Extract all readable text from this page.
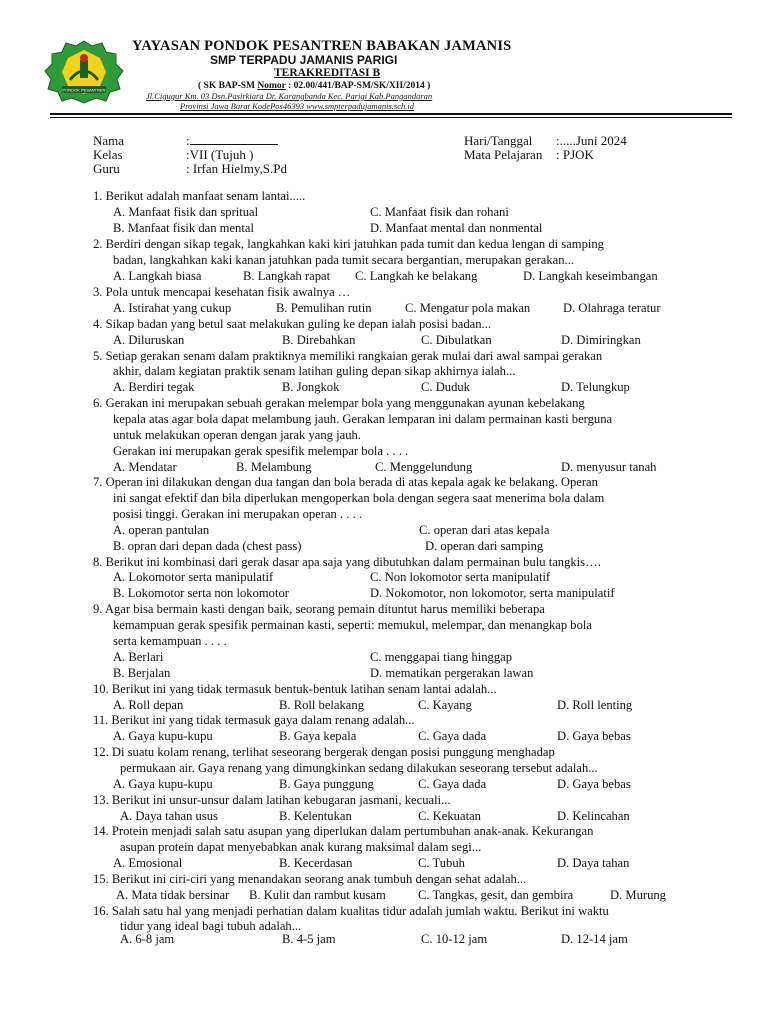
PONDOK PESANTREN
YAYASAN PONDOK PESANTREN BABAKAN JAMANIS
SMP TERPADU JAMANIS PARIGI
TERAKREDITASI B
( SK BAP-SM Nomor : 02.00/441/BAP-SM/SK/XII/2014 )
Jl.Cigugur Km. 03 Dsn.Pasirkiara Dr. Karangbanda Kec. Parigi Kab.Pangandaran
Provinsi Jawa Barat KodePos46393 www.smpterpadujamanis.sch.id
Nama	:
Kelas	:VII (Tujuh )
Guru	: Irfan Hielmy,S.Pd
Hari/Tanggal :.....Juni 2024
Mata Pelajaran : PJOK
1. Berikut adalah manfaat senam lantai.....
A. Manfaat fisik dan spritual	C. Manfaat fisik dan rohani
B. Manfaat fisik dan mental	D. Manfaat mental dan nonmental
2. Berdiri dengan sikap tegak, langkahkan kaki kiri jatuhkan pada tumit dan kedua lengan di samping
badan, langkahkan kaki kanan jatuhkan pada tumit secara bergantian, merupakan gerakan...
A. Langkah biasa	B. Langkah rapat C. Langkah ke belakang	D. Langkah keseimbangan
3. Pola untuk mencapai kesehatan fisik awalnya …
A. Istirahat yang cukup	B. Pemulihan rutin	C. Mengatur pola makan	D. Olahraga teratur
4. Sikap badan yang betul saat melakukan guling ke depan ialah posisi badan...
A. Diluruskan	B. Direbahkan	C. Dibulatkan	D. Dimiringkan
5. Setiap gerakan senam dalam praktiknya memiliki rangkaian gerak mulai dari awal sampai gerakan
akhir, dalam kegiatan praktik senam latihan guling depan sikap akhirnya ialah...
A. Berdiri tegak	B. Jongkok	C. Duduk	D. Telungkup
6. Gerakan ini merupakan sebuah gerakan melempar bola yang menggunakan ayunan kebelakang
kepala atas agar bola dapat melambung jauh. Gerakan lemparan ini dalam permainan kasti berguna
untuk melakukan operan dengan jarak yang jauh.
Gerakan ini merupakan gerak spesifik melempar bola . . . .
A. Mendatar	B. Melambung	C. Menggelundung	D. menyusur tanah
7. Operan ini dilakukan dengan dua tangan dan bola berada di atas kepala agak ke belakang. Operan
ini sangat efektif dan bila diperlukan mengoperkan bola dengan segera saat menerima bola dalam
posisi tinggi. Gerakan ini merupakan operan . . . .
A. operan pantulan	C. operan dari atas kepala
B. opran dari depan dada (chest pass)	D. operan dari samping
8. Berikut ini kombinasi dari gerak dasar apa saja yang dibutuhkan dalam permainan bulu tangkis….
A. Lokomotor serta manipulatif	C. Non lokomotor serta manipulatif
B. Lokomotor serta non lokomotor	D. Nokomotor, non lokomotor, serta manipulatif
9. Agar bisa bermain kasti dengan baik, seorang pemain dituntut harus memiliki beberapa
kemampuan gerak spesifik permainan kasti, seperti: memukul, melempar, dan menangkap bola
serta kemampuan . . . .
A. Berlari	C. menggapai tiang hinggap
B. Berjalan	D. mematikan pergerakan lawan
10. Berikut ini yang tidak termasuk bentuk-bentuk latihan senam lantai adalah...
A. Roll depan	B. Roll belakang	C. Kayang	D. Roll lenting
11. Berikut ini yang tidak termasuk gaya dalam renang adalah...
A. Gaya kupu-kupu	B. Gaya kepala	C. Gaya dada	D. Gaya bebas
12. Di suatu kolam renang, terlihat seseorang bergerak dengan posisi punggung menghadap
permukaan air. Gaya renang yang dimungkinkan sedang dilakukan seseorang tersebut adalah...
A. Gaya kupu-kupu	B. Gaya punggung	C. Gaya dada	D. Gaya bebas
13. Berikut ini unsur-unsur dalam latihan kebugaran jasmani, kecuali...
A. Daya tahan usus	B. Kelentukan	C. Kekuatan	D. Kelincahan
14. Protein menjadi salah satu asupan yang diperlukan dalam pertumbuhan anak-anak. Kekurangan
asupan protein dapat menyebabkan anak kurang maksimal dalam segi...
A. Emosional	B. Kecerdasan	C. Tubuh	D. Daya tahan
15. Berikut ini ciri-ciri yang menandakan seorang anak tumbuh dengan sehat adalah...
A. Mata tidak bersinar B. Kulit dan rambut kusam	C. Tangkas, gesit, dan gembira	D. Murung
16. Salah satu hal yang menjadi perhatian dalam kualitas tidur adalah jumlah waktu. Berikut ini waktu
tidur yang ideal bagi tubuh adalah...
A. 6-8 jam	B. 4-5 jam	C. 10-12 jam	D. 12-14 jam
